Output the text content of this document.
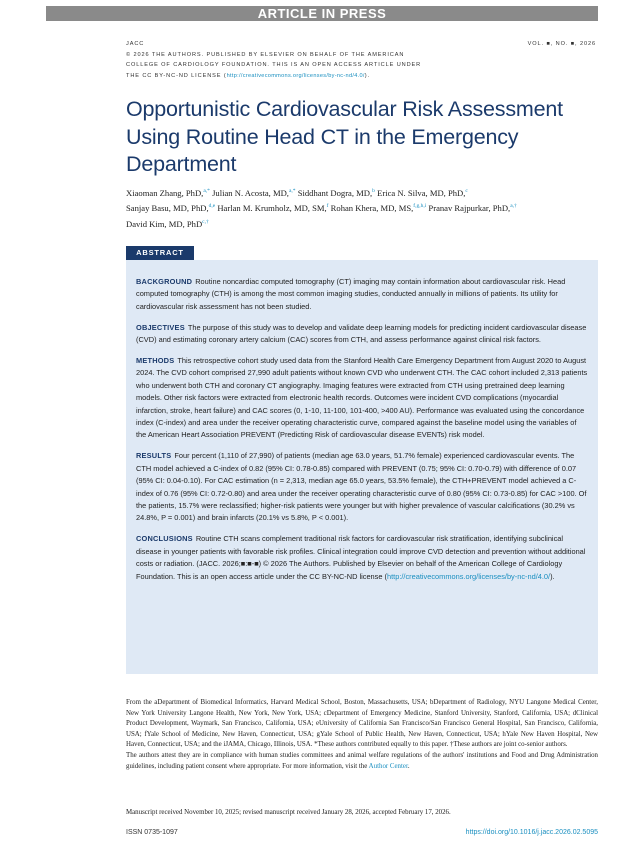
ARTICLE IN PRESS
JACC
© 2026 THE AUTHORS. PUBLISHED BY ELSEVIER ON BEHALF OF THE AMERICAN
COLLEGE OF CARDIOLOGY FOUNDATION. THIS IS AN OPEN ACCESS ARTICLE UNDER
THE CC BY-NC-ND LICENSE (http://creativecommons.org/licenses/by-nc-nd/4.0/).
VOL. ■, NO. ■, 2026
Opportunistic Cardiovascular Risk Assessment Using Routine Head CT in the Emergency Department
Xiaoman Zhang, PhD,$^{a,*}$ Julian N. Acosta, MD,$^{a,*}$ Siddhant Dogra, MD,$^b$ Erica N. Silva, MD, PhD,$^c$
Sanjay Basu, MD, PhD,$^{d,e}$ Harlan M. Krumholz, MD, SM,$^f$ Rohan Khera, MD, MS,$^{f,g,h,i}$ Pranav Rajpurkar, PhD,$^{a,\dagger}$
David Kim, MD, PhD$^{c,\dagger}$
ABSTRACT

BACKGROUND Routine noncardiac computed tomography (CT) imaging may contain information about cardiovascular risk. Head computed tomography (CTH) is among the most common imaging studies, conducted annually in millions of patients. Its utility for cardiovascular risk assessment has not been studied.

OBJECTIVES The purpose of this study was to develop and validate deep learning models for predicting incident cardiovascular disease (CVD) and estimating coronary artery calcium (CAC) scores from CTH, and assess performance against clinical risk factors.

METHODS This retrospective cohort study used data from the Stanford Health Care Emergency Department from August 2020 to August 2024. The CVD cohort comprised 27,990 adult patients without known CVD who underwent CTH. The CAC cohort included 2,313 patients who underwent both CTH and coronary CT angiography. Imaging features were extracted from CTH using pretrained deep learning models. Other risk factors were extracted from electronic health records. Outcomes were incident CVD complications (myocardial infarction, stroke, heart failure) and CAC scores (0, 1-10, 11-100, 101-400, >400 AU). Performance was evaluated using the concordance index (C-index) and area under the receiver operating characteristic curve, compared against the baseline model using the variables of the American Heart Association PREVENT (Predicting Risk of cardiovascular disease EVENTs) risk model.

RESULTS Four percent (1,110 of 27,990) of patients (median age 63.0 years, 51.7% female) experienced cardiovascular events. The CTH model achieved a C-index of 0.82 (95% CI: 0.78-0.85) compared with PREVENT (0.75; 95% CI: 0.70-0.79) with difference of 0.07 (95% CI: 0.04-0.10). For CAC estimation (n = 2,313, median age 65.0 years, 53.5% female), the CTH+PREVENT model achieved a C-index of 0.76 (95% CI: 0.72-0.80) and area under the receiver operating characteristic curve of 0.80 (95% CI: 0.73-0.85) for CAC >100. Of the patients, 15.7% were reclassified; higher-risk patients were younger but with higher prevalence of vascular calcifications (30.2% vs 24.8%, P = 0.001) and brain infarcts (20.1% vs 5.8%, P < 0.001).

CONCLUSIONS Routine CTH scans complement traditional risk factors for cardiovascular risk stratification, identifying subclinical disease in younger patients with favorable risk profiles. Clinical integration could improve CVD detection and prevention without additional costs or radiation. (JACC. 2026;■:■-■) © 2026 The Authors. Published by Elsevier on behalf of the American College of Cardiology Foundation. This is an open access article under the CC BY-NC-ND license (http://creativecommons.org/licenses/by-nc-nd/4.0/).

From the aDepartment of Biomedical Informatics, Harvard Medical School, Boston, Massachusetts, USA; bDepartment of Radiology, NYU Langone Medical Center, New York University Langone Health, New York, New York, USA; cDepartment of Emergency Medicine, Stanford University, Stanford, California, USA; dClinical Product Development, Waymark, San Francisco, California, USA; eUniversity of California San Francisco/San Francisco General Hospital, San Francisco, California, USA; fYale School of Medicine, New Haven, Connecticut, USA; gYale School of Public Health, New Haven, Connecticut, USA; hYale New Haven Hospital, New Haven, Connecticut, USA; and the iJAMA, Chicago, Illinois, USA. *These authors contributed equally to this paper. †These authors are joint co-senior authors.

The authors attest they are in compliance with human studies committees and animal welfare regulations of the authors' institutions and Food and Drug Administration guidelines, including patient consent where appropriate. For more information, visit the Author Center.

Manuscript received November 10, 2025; revised manuscript received January 28, 2026, accepted February 17, 2026.
ISSN 0735-1097	https://doi.org/10.1016/j.jacc.2026.02.5095
